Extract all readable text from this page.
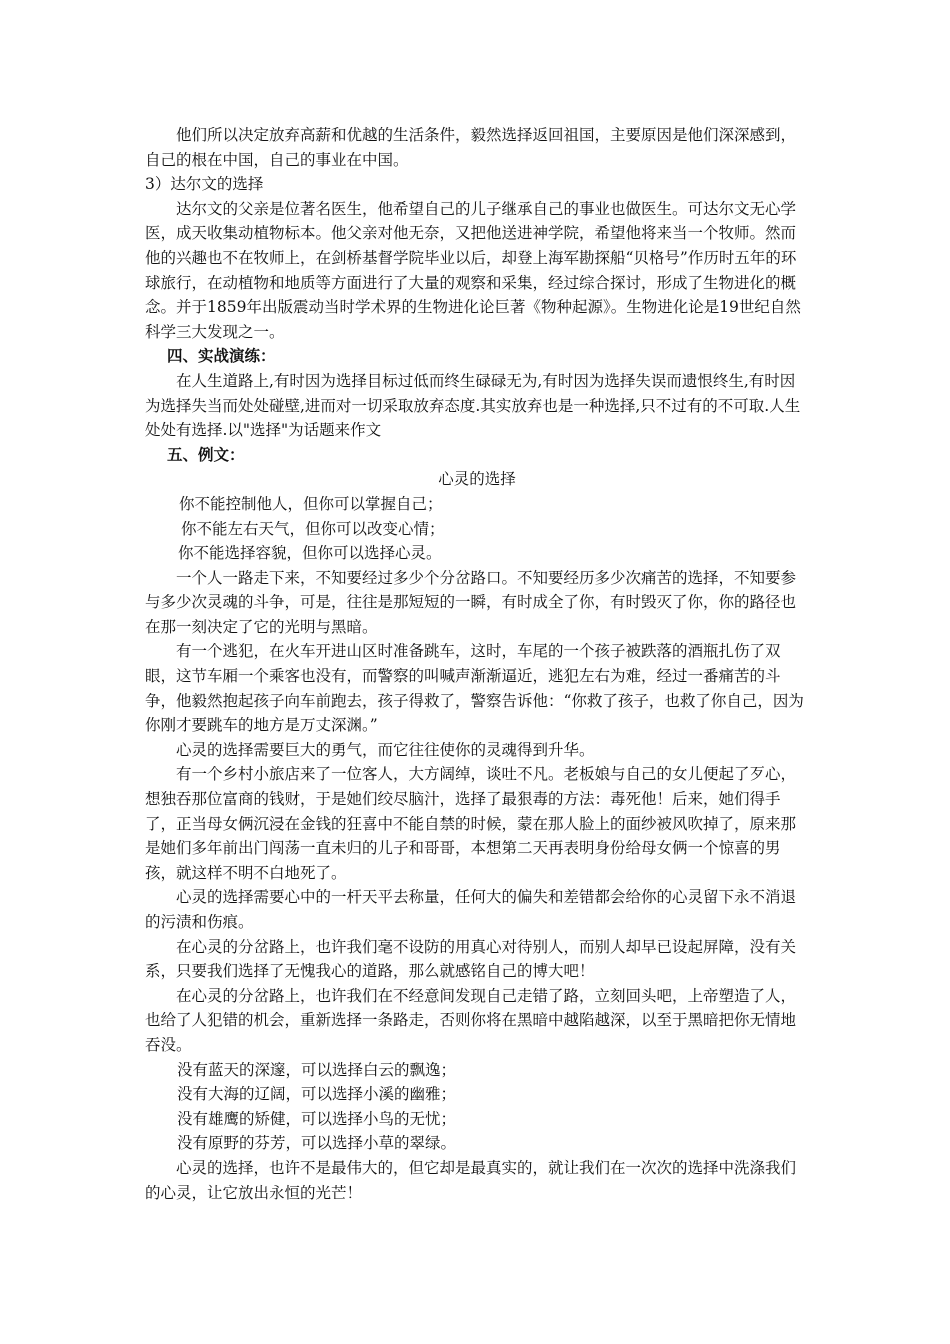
他们所以决定放弃高薪和优越的生活条件，毅然选择返回祖国，主要原因是他们深深感到，自己的根在中国，自己的事业在中国。

3）达尔文的选择

达尔文的父亲是位著名医生，他希望自己的儿子继承自己的事业也做医生。可达尔文无心学医，成天收集动植物标本。他父亲对他无奈，又把他送进神学院，希望他将来当一个牧师。然而他的兴趣也不在牧师上，在剑桥基督学院毕业以后，却登上海军勘探船“贝格号”作历时五年的环球旅行，在动植物和地质等方面进行了大量的观察和采集，经过综合探讨，形成了生物进化的概念。并于1859年出版震动当时学术界的生物进化论巨著《物种起源》。生物进化论是19世纪自然科学三大发现之一。

四、实战演练：

在人生道路上,有时因为选择目标过低而终生碌碌无为,有时因为选择失误而遗恨终生,有时因为选择失当而处处碰壁,进而对一切采取放弃态度.其实放弃也是一种选择,只不过有的不可取.人生处处有选择.以"选择"为话题来作文

五、例文：

心灵的选择

你不能控制他人，但你可以掌握自己；

你不能左右天气，但你可以改变心情；

你不能选择容貌，但你可以选择心灵。

一个人一路走下来，不知要经过多少个分岔路口。不知要经历多少次痛苦的选择，不知要参与多少次灵魂的斗争，可是，往往是那短短的一瞬，有时成全了你，有时毁灭了你，你的路径也在那一刻决定了它的光明与黑暗。

有一个逃犯，在火车开进山区时准备跳车，这时，车尾的一个孩子被跌落的酒瓶扎伤了双眼，这节车厢一个乘客也没有，而警察的叫喊声渐渐逼近，逃犯左右为难，经过一番痛苦的斗争，他毅然抱起孩子向车前跑去，孩子得救了，警察告诉他：“你救了孩子，也救了你自己，因为你刚才要跳车的地方是万丈深渊。”

心灵的选择需要巨大的勇气，而它往往使你的灵魂得到升华。

有一个乡村小旅店来了一位客人，大方阔绰，谈吐不凡。老板娘与自己的女儿便起了歹心，想独吞那位富商的钱财，于是她们绞尽脑汁，选择了最狠毒的方法：毒死他！后来，她们得手了，正当母女俩沉浸在金钱的狂喜中不能自禁的时候，蒙在那人脸上的面纱被风吹掉了，原来那是她们多年前出门闯荡一直未归的儿子和哥哥，本想第二天再表明身份给母女俩一个惊喜的男孩，就这样不明不白地死了。

心灵的选择需要心中的一杆天平去称量，任何大的偏失和差错都会给你的心灵留下永不消退的污渍和伤痕。

在心灵的分岔路上，也许我们毫不设防的用真心对待别人，而别人却早已设起屏障，没有关系，只要我们选择了无愧我心的道路，那么就感铭自己的博大吧！

在心灵的分岔路上，也许我们在不经意间发现自己走错了路，立刻回头吧，上帝塑造了人，也给了人犯错的机会，重新选择一条路走，否则你将在黑暗中越陷越深，以至于黑暗把你无情地吞没。

没有蓝天的深邃，可以选择白云的飘逸；

没有大海的辽阔，可以选择小溪的幽雅；

没有雄鹰的矫健，可以选择小鸟的无忧；

没有原野的芬芳，可以选择小草的翠绿。

心灵的选择，也许不是最伟大的，但它却是最真实的，就让我们在一次次的选择中洗涤我们的心灵，让它放出永恒的光芒！
